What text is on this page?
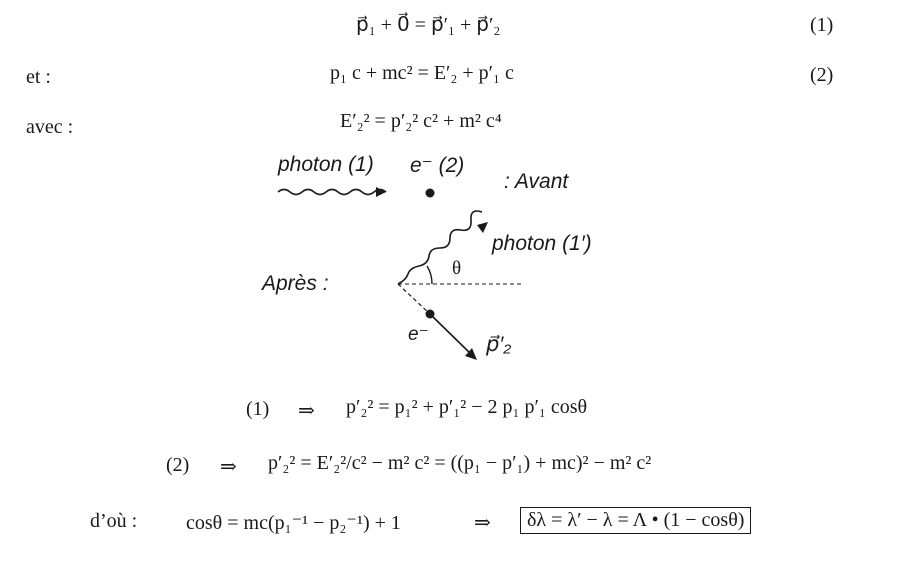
p⃗₁ + 0⃗ = p⃗′₁ + p⃗′₂	(1)
et :	p₁ c + mc² = E′₂ + p′₁ c	(2)
avec :	E′₂² = p′₂² c² + m² c⁴
photon (1) e⁻ (2)
: Avant
Après :
photon (1′)
θ
e⁻	p⃗′₂
(1) ⇒ p′₂² = p₁² + p′₁² − 2 p₁ p′₁ cosθ
(2) ⇒ p′₂² = E′₂²/c² − m² c² = ((p₁ − p′₁) + mc)² − m² c²
d’où : cosθ = mc(p₁⁻¹ − p₂⁻¹) + 1	⇒	δλ = λ′ − λ = Λ • (1 − cosθ)
